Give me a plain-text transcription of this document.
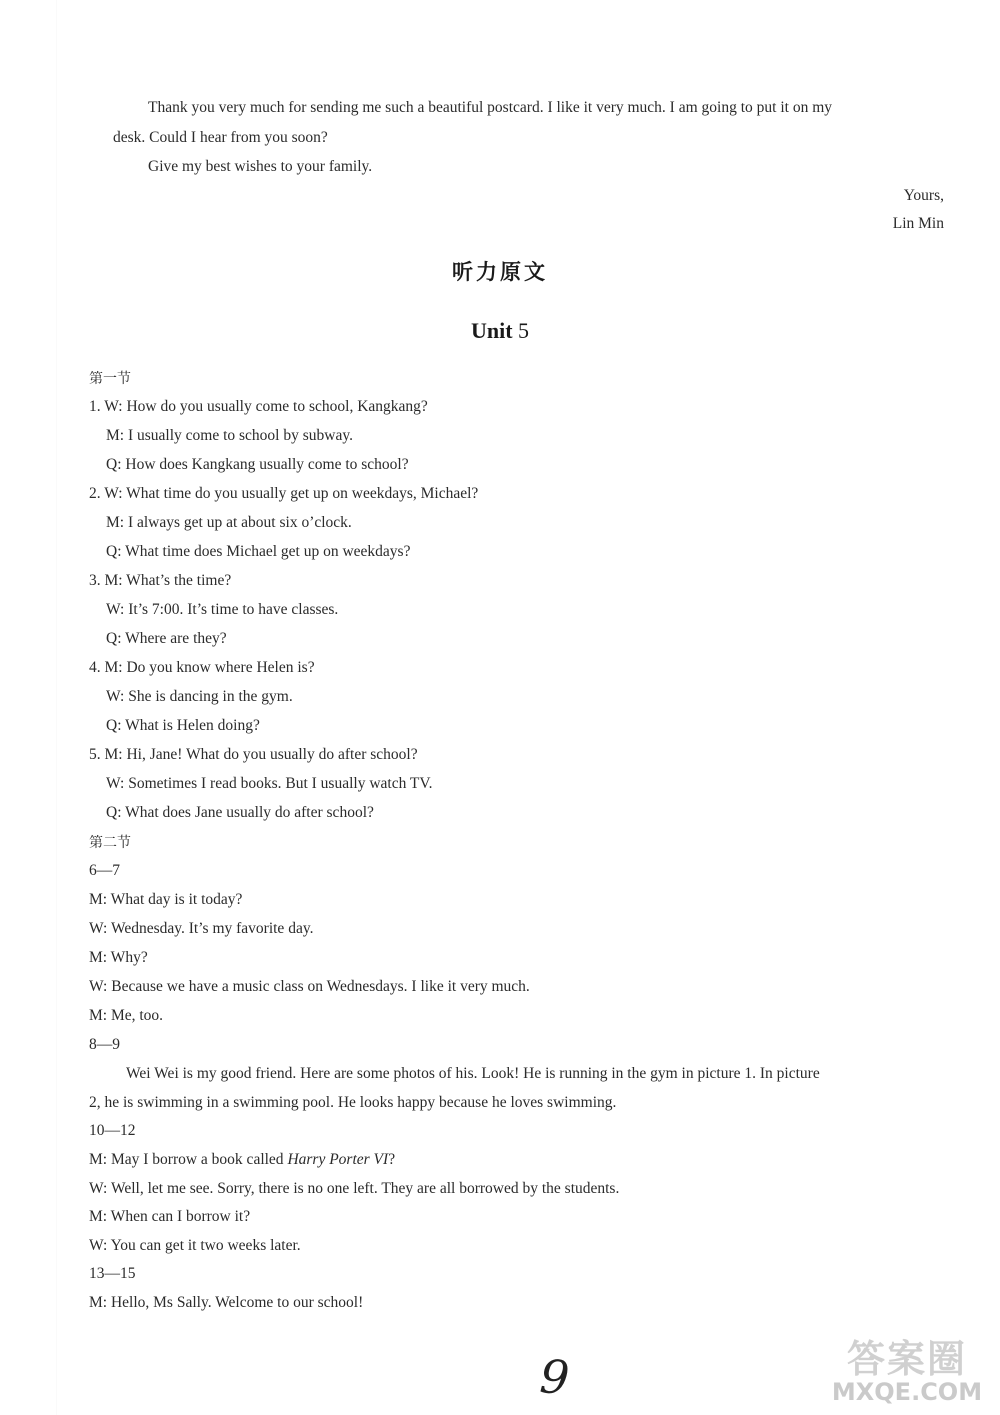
Thank you very much for sending me such a beautiful postcard. I like it very much. I am going to put it on my
desk. Could I hear from you soon?
Give my best wishes to your family.
Yours,
Lin Min
听力原文
Unit 5
第一节
1. W: How do you usually come to school, Kangkang?
M: I usually come to school by subway.
Q: How does Kangkang usually come to school?
2. W: What time do you usually get up on weekdays, Michael?
M: I always get up at about six o’clock.
Q: What time does Michael get up on weekdays?
3. M: What’s the time?
W: It’s 7:00. It’s time to have classes.
Q: Where are they?
4. M: Do you know where Helen is?
W: She is dancing in the gym.
Q: What is Helen doing?
5. M: Hi, Jane! What do you usually do after school?
W: Sometimes I read books. But I usually watch TV.
Q: What does Jane usually do after school?
第二节
6—7
M: What day is it today?
W: Wednesday. It’s my favorite day.
M: Why?
W: Because we have a music class on Wednesdays. I like it very much.
M: Me, too.
8—9
Wei Wei is my good friend. Here are some photos of his. Look! He is running in the gym in picture 1. In picture
2, he is swimming in a swimming pool. He looks happy because he loves swimming.
10—12
M: May I borrow a book called Harry Porter VI?
W: Well, let me see. Sorry, there is no one left. They are all borrowed by the students.
M: When can I borrow it?
W: You can get it two weeks later.
13—15
M: Hello, Ms Sally. Welcome to our school!
9	答案圈
MXQE.COM
